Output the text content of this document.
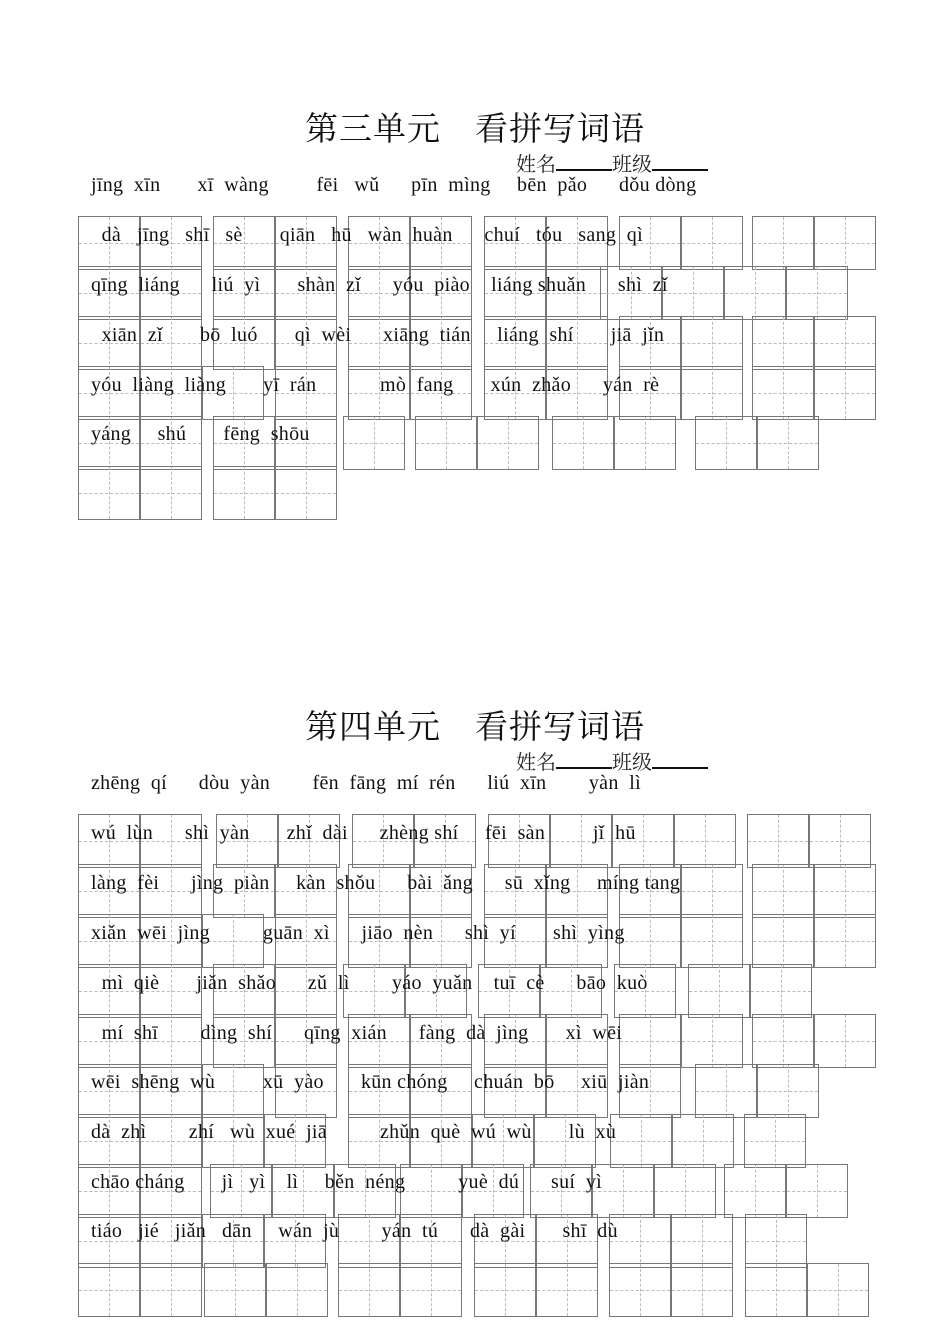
第三单元　看拼写词语
姓名	班级
jīng  xīn       xī  wàng         fēi   wǔ      pīn  mìng     bēn  pǎo      dǒu dòng
dà   jīng   shī   sè       qiān   hū   wàn  huàn      chuí   tóu   sang  qì
qīng  liáng      liú  yì       shàn  zǐ      yóu  piào    liáng shuǎn      shì  zǐ
xiān  zǐ       bō  luó       qì  wèi      xiāng  tián     liáng  shí       jiā  jǐn
yóu  liàng  liàng       yī  rán            mò  fang       xún  zhǎo      yán  rè
yáng     shú       fēng  shōu
第四单元　看拼写词语
姓名	班级
zhēng  qí      dòu  yàn        fēn  fāng  mí  rén      liú  xīn        yàn  lì
wú  lùn      shì  yàn       zhǐ  dài      zhèng shí     fēi  sàn         jǐ  hū
làng  fèi      jìng  piàn     kàn  shǒu      bài  ǎng      sū  xǐng     míng tang
xiǎn  wēi  jìng          guān  xì      jiāo  nèn      shì  yí       shì  yìng
mì  qiè       jiǎn  shǎo      zǔ  lì        yáo  yuǎn    tuī  cè      bāo  kuò
mí  shī        dìng  shí      qīng  xián      fàng  dà  jìng       xì  wēi
wēi  shēng  wù         xū  yào       kūn chóng     chuán  bō     xiū  jiàn
dà  zhì        zhí   wù  xué  jiā          zhǔn  què  wú  wù       lù  xù
chāo cháng       jì   yì    lì     běn  néng          yuè  dú      suí  yì
tiáo   jié   jiǎn   dān     wán  jù        yán  tú      dà  gài       shī  dù
